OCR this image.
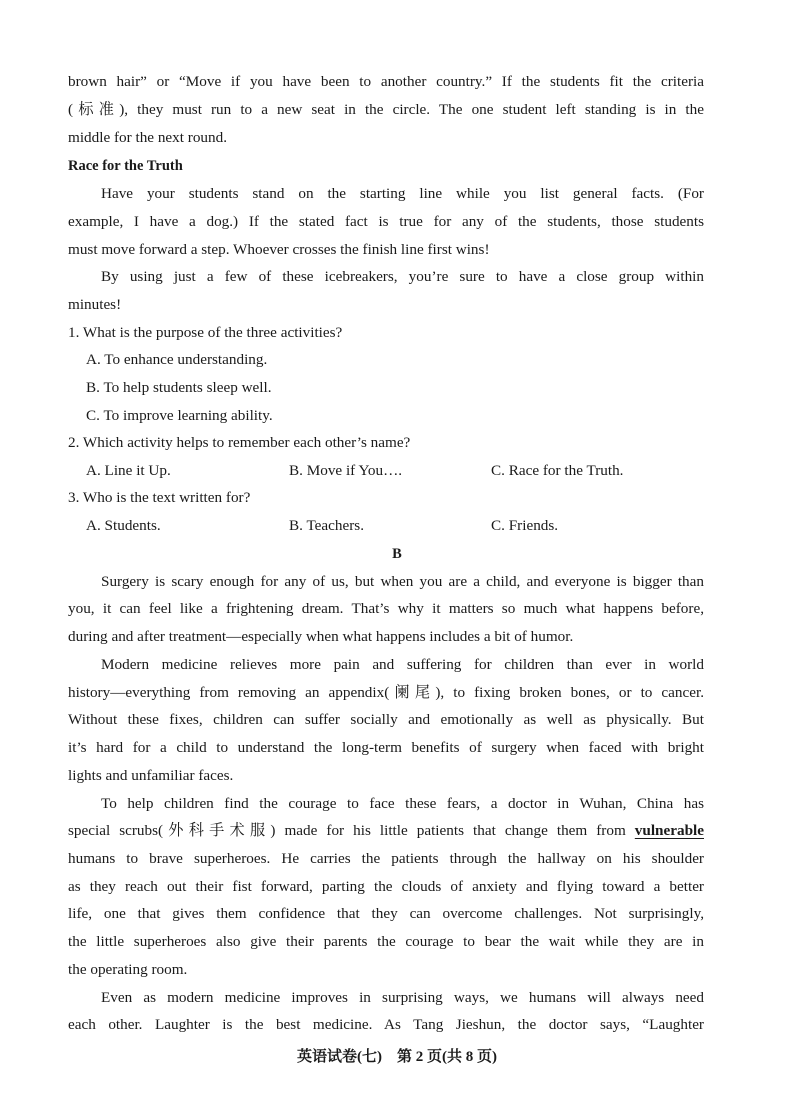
brown hair” or “Move if you have been to another country.” If the students fit the criteria
(标准), they must run to a new seat in the circle. The one student left standing is in the
middle for the next round.
Race for the Truth
Have your students stand on the starting line while you list general facts. (For
example, I have a dog.) If the stated fact is true for any of the students, those students
must move forward a step. Whoever crosses the finish line first wins!
By using just a few of these icebreakers, you’re sure to have a close group within
minutes!
1. What is the purpose of the three activities?
A. To enhance understanding.
B. To help students sleep well.
C. To improve learning ability.
2. Which activity helps to remember each other’s name?
A. Line it Up.	B. Move if You….	C. Race for the Truth.
3. Who is the text written for?
A. Students.	B. Teachers.	C. Friends.
B
Surgery is scary enough for any of us, but when you are a child, and everyone is bigger than
you, it can feel like a frightening dream. That’s why it matters so much what happens before,
during and after treatment—especially when what happens includes a bit of humor.
Modern medicine relieves more pain and suffering for children than ever in world
history—everything from removing an appendix(阑尾), to fixing broken bones, or to cancer.
Without these fixes, children can suffer socially and emotionally as well as physically. But
it’s hard for a child to understand the long-term benefits of surgery when faced with bright
lights and unfamiliar faces.
To help children find the courage to face these fears, a doctor in Wuhan, China has
special scrubs(外科手术服) made for his little patients that change them from vulnerable
humans to brave superheroes. He carries the patients through the hallway on his shoulder
as they reach out their fist forward, parting the clouds of anxiety and flying toward a better
life, one that gives them confidence that they can overcome challenges. Not surprisingly,
the little superheroes also give their parents the courage to bear the wait while they are in
the operating room.
Even as modern medicine improves in surprising ways, we humans will always need
each other. Laughter is the best medicine. As Tang Jieshun, the doctor says, “Laughter
英语试卷(七)　第 2 页(共 8 页)
